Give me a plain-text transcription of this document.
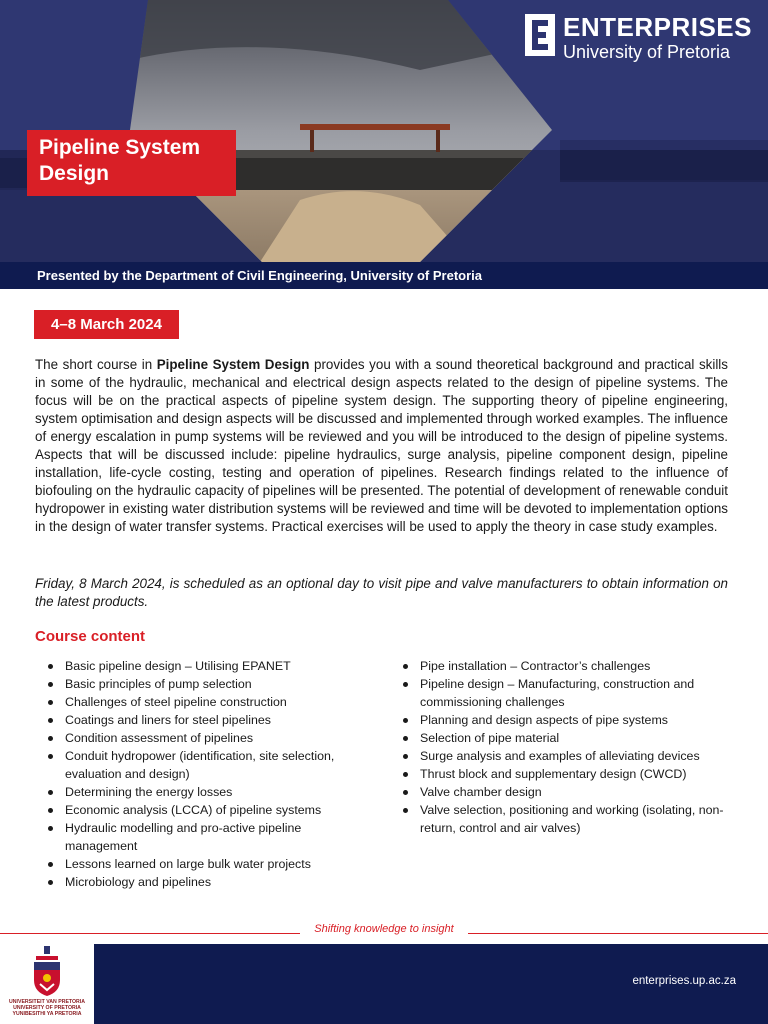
ENTERPRISES
University of Pretoria
Pipeline System
Design
Presented by the Department of Civil Engineering, University of Pretoria
4–8 March 2024

The short course in Pipeline System Design provides you with a sound theoretical background and practical skills in some of the hydraulic, mechanical and electrical design aspects related to the design of pipeline systems. The focus will be on the practical aspects of pipeline system design. The supporting theory of pipeline engineering, system optimisation and design aspects will be discussed and implemented through worked examples. The influence of energy escalation in pump systems will be reviewed and you will be introduced to the design of pipeline systems. Aspects that will be discussed include: pipeline hydraulics, surge analysis, pipeline component design, pipeline installation, life-cycle costing, testing and operation of pipelines. Research findings related to the influence of biofouling on the hydraulic capacity of pipelines will be presented. The potential of development of renewable conduit hydropower in existing water distribution systems will be reviewed and time will be devoted to implementation options in the design of water transfer systems. Practical exercises will be used to apply the theory in case study examples.

Friday, 8 March 2024, is scheduled as an optional day to visit pipe and valve manufacturers to obtain information on the latest products.

Course content
Basic pipeline design – Utilising EPANET
Basic principles of pump selection
Challenges of steel pipeline construction
Coatings and liners for steel pipelines
Condition assessment of pipelines
Conduit hydropower (identification, site selection, evaluation and design)
Determining the energy losses
Economic analysis (LCCA) of pipeline systems
Hydraulic modelling and pro-active pipeline management
Lessons learned on large bulk water projects
Microbiology and pipelines
Pipe installation – Contractor’s challenges
Pipeline design – Manufacturing, construction and commissioning challenges
Planning and design aspects of pipe systems
Selection of pipe material
Surge analysis and examples of alleviating devices
Thrust block and supplementary design (CWCD)
Valve chamber design
Valve selection, positioning and working (isolating, non-return, control and air valves)
Shifting knowledge to insight
UNIVERSITEIT VAN PRETORIA
UNIVERSITY OF PRETORIA
YUNIBESITHI YA PRETORIA
enterprises.up.ac.za
